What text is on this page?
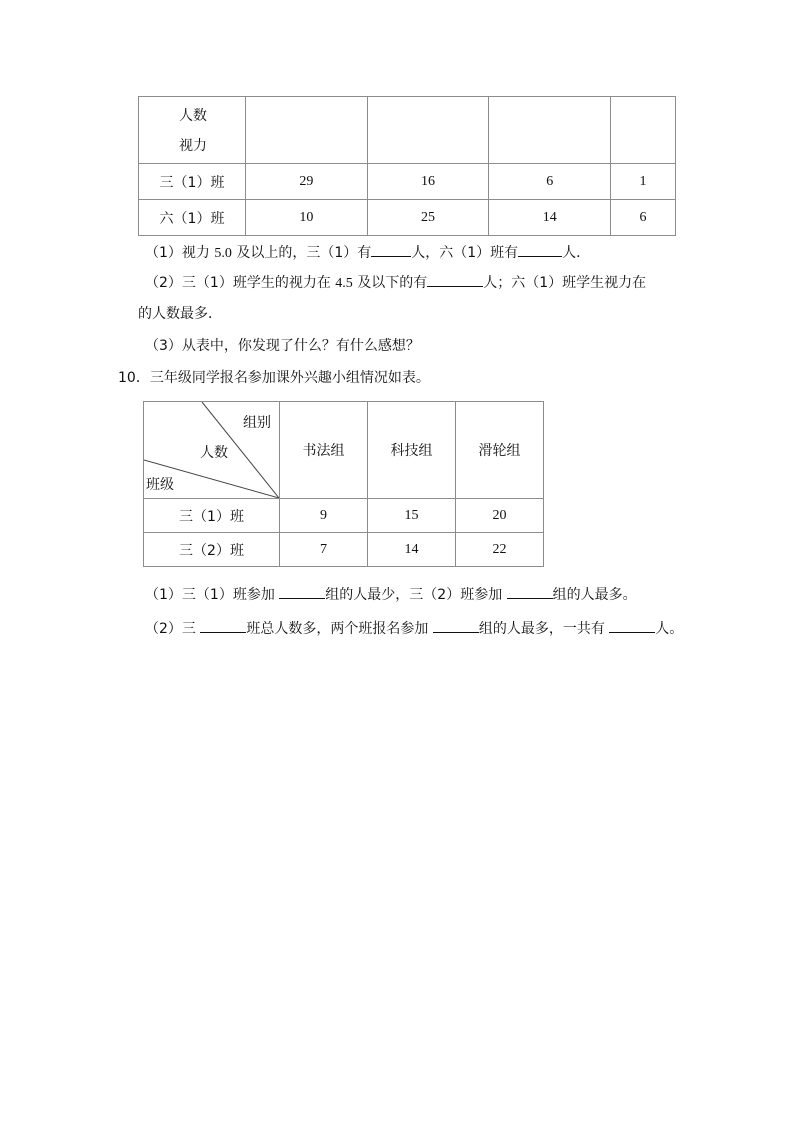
人数
视力				

三（1）班	29	16	6	1
六（1）班	10	25	14	6
（1）视力 5.0 及以上的，三（1）有	人，六（1）班有	人．
（2）三（1）班学生的视力在 4.5 及以下的有	人；六（1）班学生视力在
的人数最多．
（3）从表中，你发现了什么？有什么感想？
10．三年级同学报名参加课外兴趣小组情况如表。
组别
人数
班级	书法组	科技组	滑轮组
三（1）班	9	15	20
三（2）班	7	14	22
（1）三（1）班参加	组的人最少，三（2）班参加	组的人最多。
（2）三	班总人数多，两个班报名参加	组的人最多，一共有	人。
